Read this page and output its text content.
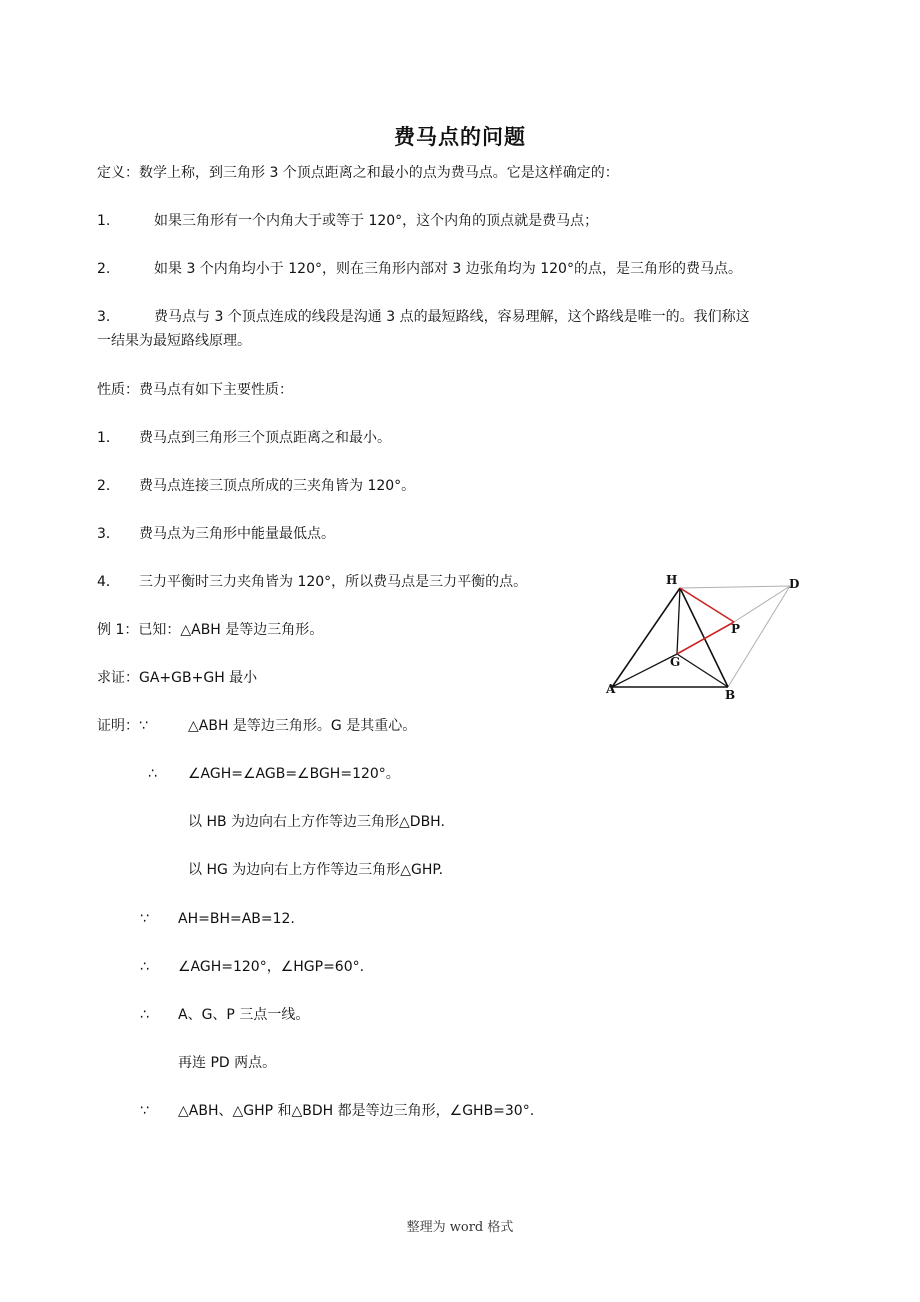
费马点的问题
定义：数学上称，到三角形 3 个顶点距离之和最小的点为费马点。它是这样确定的：
1.	如果三角形有一个内角大于或等于 120°，这个内角的顶点就是费马点；
2.	如果 3 个内角均小于 120°，则在三角形内部对 3 边张角均为 120°的点，是三角形的费马点。
3.	费马点与 3 个顶点连成的线段是沟通 3 点的最短路线，容易理解，这个路线是唯一的。我们称这
一结果为最短路线原理。
性质：费马点有如下主要性质：
1． 费马点到三角形三个顶点距离之和最小。
2． 费马点连接三顶点所成的三夹角皆为 120°。
3． 费马点为三角形中能量最低点。
4． 三力平衡时三力夹角皆为 120°，所以费马点是三力平衡的点。
例 1：已知：△ABH 是等边三角形。
求证：GA+GB+GH 最小
证明：∵	△ABH 是等边三角形。G 是其重心。
∴ ∠AGH=∠AGB=∠BGH=120°。
以 HB 为边向右上方作等边三角形△DBH.
以 HG 为边向右上方作等边三角形△GHP.
∵ AH=BH=AB=12.
∴ ∠AGH=120°，∠HGP=60°.
∴ A、G、P 三点一线。
再连 PD 两点。
∵ △ABH、△GHP 和△BDH 都是等边三角形，∠GHB=30°.
H	D
P
G
A	B
整理为 word 格式
